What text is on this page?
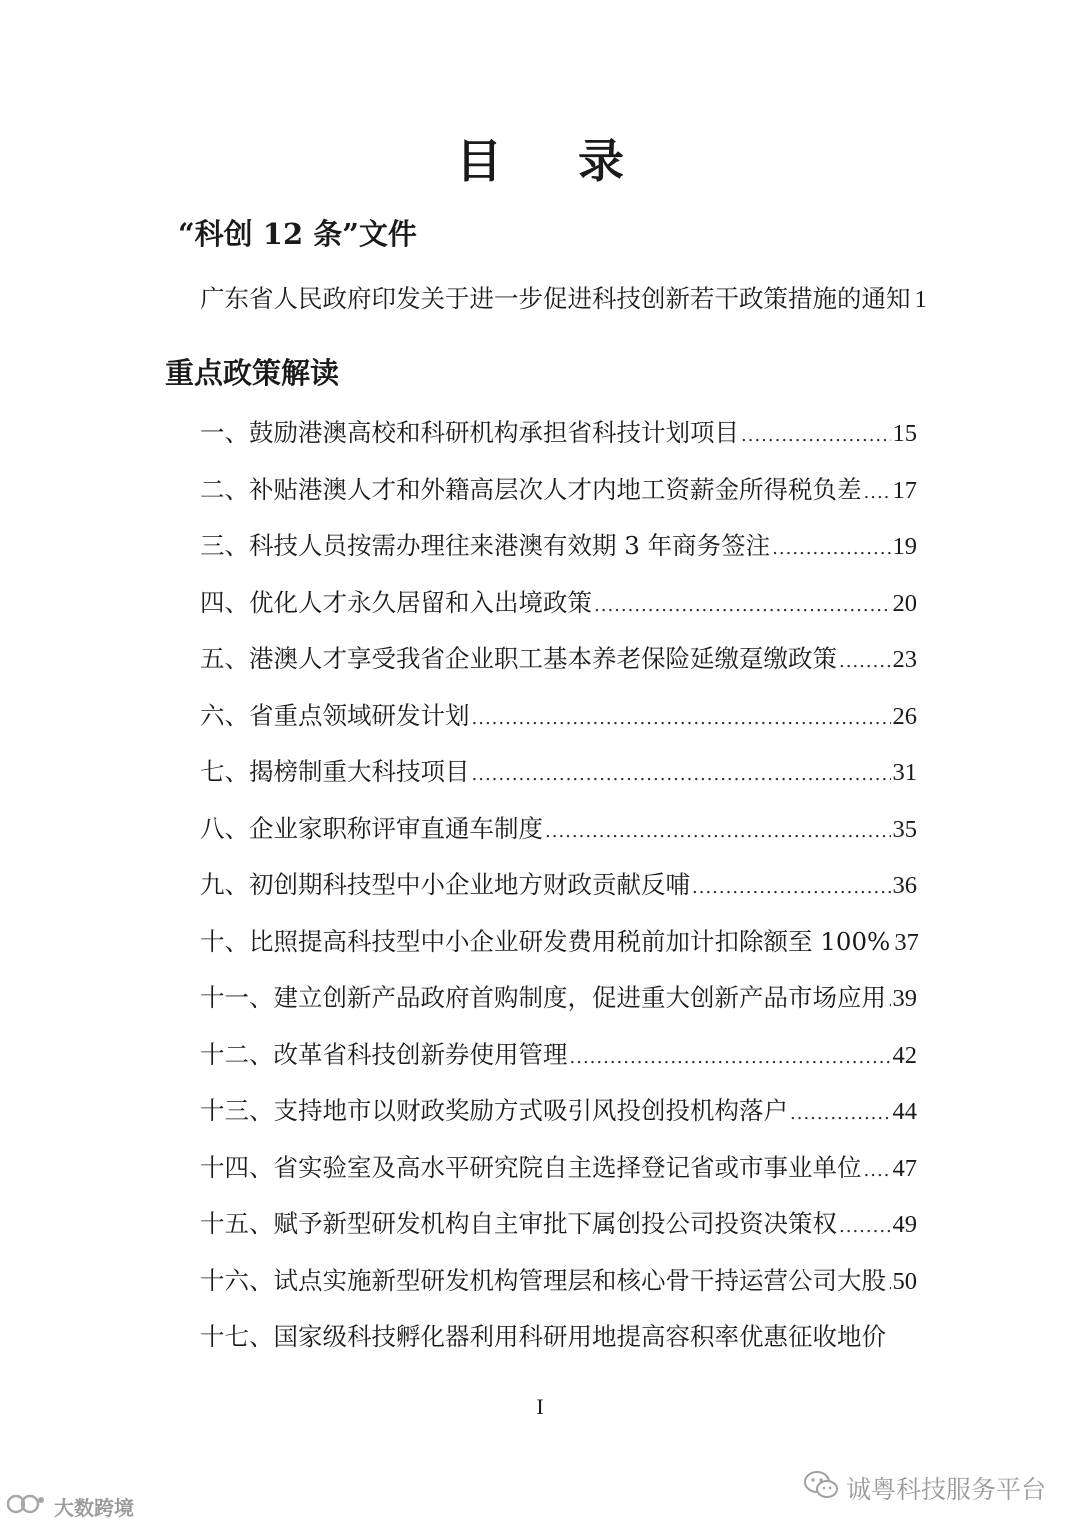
目 录
“科创 12 条”文件
广东省人民政府印发关于进一步促进科技创新若干政策措施的通知 1
重点政策解读
一、鼓励港澳高校和科研机构承担省科技计划项目 .....	15
二、补贴港澳人才和外籍高层次人才内地工资薪金所得税负差 ..... 17
三、科技人员按需办理往来港澳有效期 3 年商务签注 .....	19
四、优化人才永久居留和入出境政策 .....	20
五、港澳人才享受我省企业职工基本养老保险延缴趸缴政策 ..... 23
六、省重点领域研发计划 .....	26
七、揭榜制重大科技项目 .....	31
八、企业家职称评审直通车制度 .....	35
九、初创期科技型中小企业地方财政贡献反哺 .....	36
十、比照提高科技型中小企业研发费用税前加计扣除额至 100% 37
十一、建立创新产品政府首购制度，促进重大创新产品市场应用 ..... 39
十二、改革省科技创新券使用管理 .....	42
十三、支持地市以财政奖励方式吸引风投创投机构落户 .....	44
十四、省实验室及高水平研究院自主选择登记省或市事业单位 ..... 47
十五、赋予新型研发机构自主审批下属创投公司投资决策权 ..... 49
十六、试点实施新型研发机构管理层和核心骨干持运营公司大股 ..... 50
十七、国家级科技孵化器利用科研用地提高容积率优惠征收地价
I
诚粤科技服务平台
大数跨境
